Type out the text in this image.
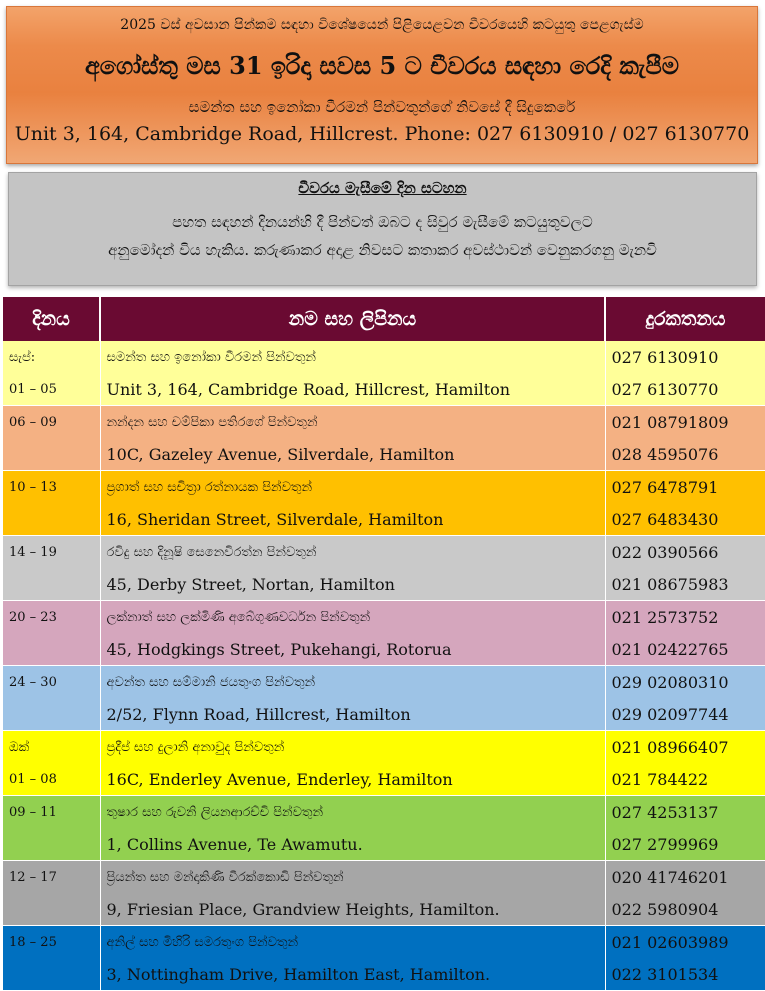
2025 වස් අවසාන පින්කම සඳහා විශේෂයෙන් පිළියෙළවන චීවරයෙහි කටයුතු පෙළගැස්ම
අගෝස්තු මස 31 ඉරිදා සවස 5 ට චීවරය සඳහා රෙදි කැපීම
සමන්ත සහ ඉනෝකා වීරමන් පින්වතුන්ගේ නිවසේ දී සිදුකෙරේ
Unit 3, 164, Cambridge Road, Hillcrest. Phone: 027 6130910 / 027 6130770
චීවරය මැසීමේ දින සටහන
පහත සඳහන් දිනයන්හි දී පින්වත් ඔබට ද සිවුර මැසීමේ කටයුතුවලට
අනුමෝදන් විය හැකිය. කරුණාකර අදාළ නිවසට කතාකර අවස්ථාවන් වෙනුකරගනු මැනවි
දිනය	නම සහ ලිපිනය	දුරකතනය
සැප්:	සමන්ත සහ ඉනෝකා වීරමන් පින්වතුන්	027 6130910
01 – 05	Unit 3, 164, Cambridge Road, Hillcrest, Hamilton	027 6130770
06 – 09	නන්දන සහ චම්පිකා පතිරගේ පින්වතුන්	021 08791809
	10C, Gazeley Avenue, Silverdale, Hamilton	028 4595076
10 – 13	ප්‍රගාත් සහ සචිත්‍රා රත්නායක පින්වතුන්	027 6478791
	16, Sheridan Street, Silverdale, Hamilton	027 6483430
14 – 19	රවිදු සහ දිනූෂි සෙනෙවිරත්න පින්වතුන්	022 0390566
	45, Derby Street, Nortan, Hamilton	021 08675983
20 – 23	ලක්නාත් සහ ලක්මිණි අබේගුණවර්ධන පින්වතුන්	021 2573752
	45, Hodgkings Street, Pukehangi, Rotorua	021 02422765
24 – 30	අවන්ත සහ සම්මානි ජයතුංග පින්වතුන්	029 02080310
	2/52, Flynn Road, Hillcrest, Hamilton	029 02097744
ඔක්	ප්‍රදීප් සහ දුලානි අනාවුද පින්වතුන්	021 08966407
01 – 08	16C, Enderley Avenue, Enderley, Hamilton	021 784422
09 – 11	තුෂාර සහ රුවනි ලියනආරච්චි පින්වතුන්	027 4253137
	1, Collins Avenue, Te Awamutu.	027 2799969
12 – 17	ප්‍රියන්ත සහ මන්දාකිණි වීරක්කොඩි පින්වතුන්	020 41746201
	9, Friesian Place, Grandview Heights, Hamilton.	022 5980904
18 – 25	අනිල් සහ මිහිරි සමරතුංග පින්වතුන්	021 02603989
	3, Nottingham Drive, Hamilton East, Hamilton.	022 3101534
